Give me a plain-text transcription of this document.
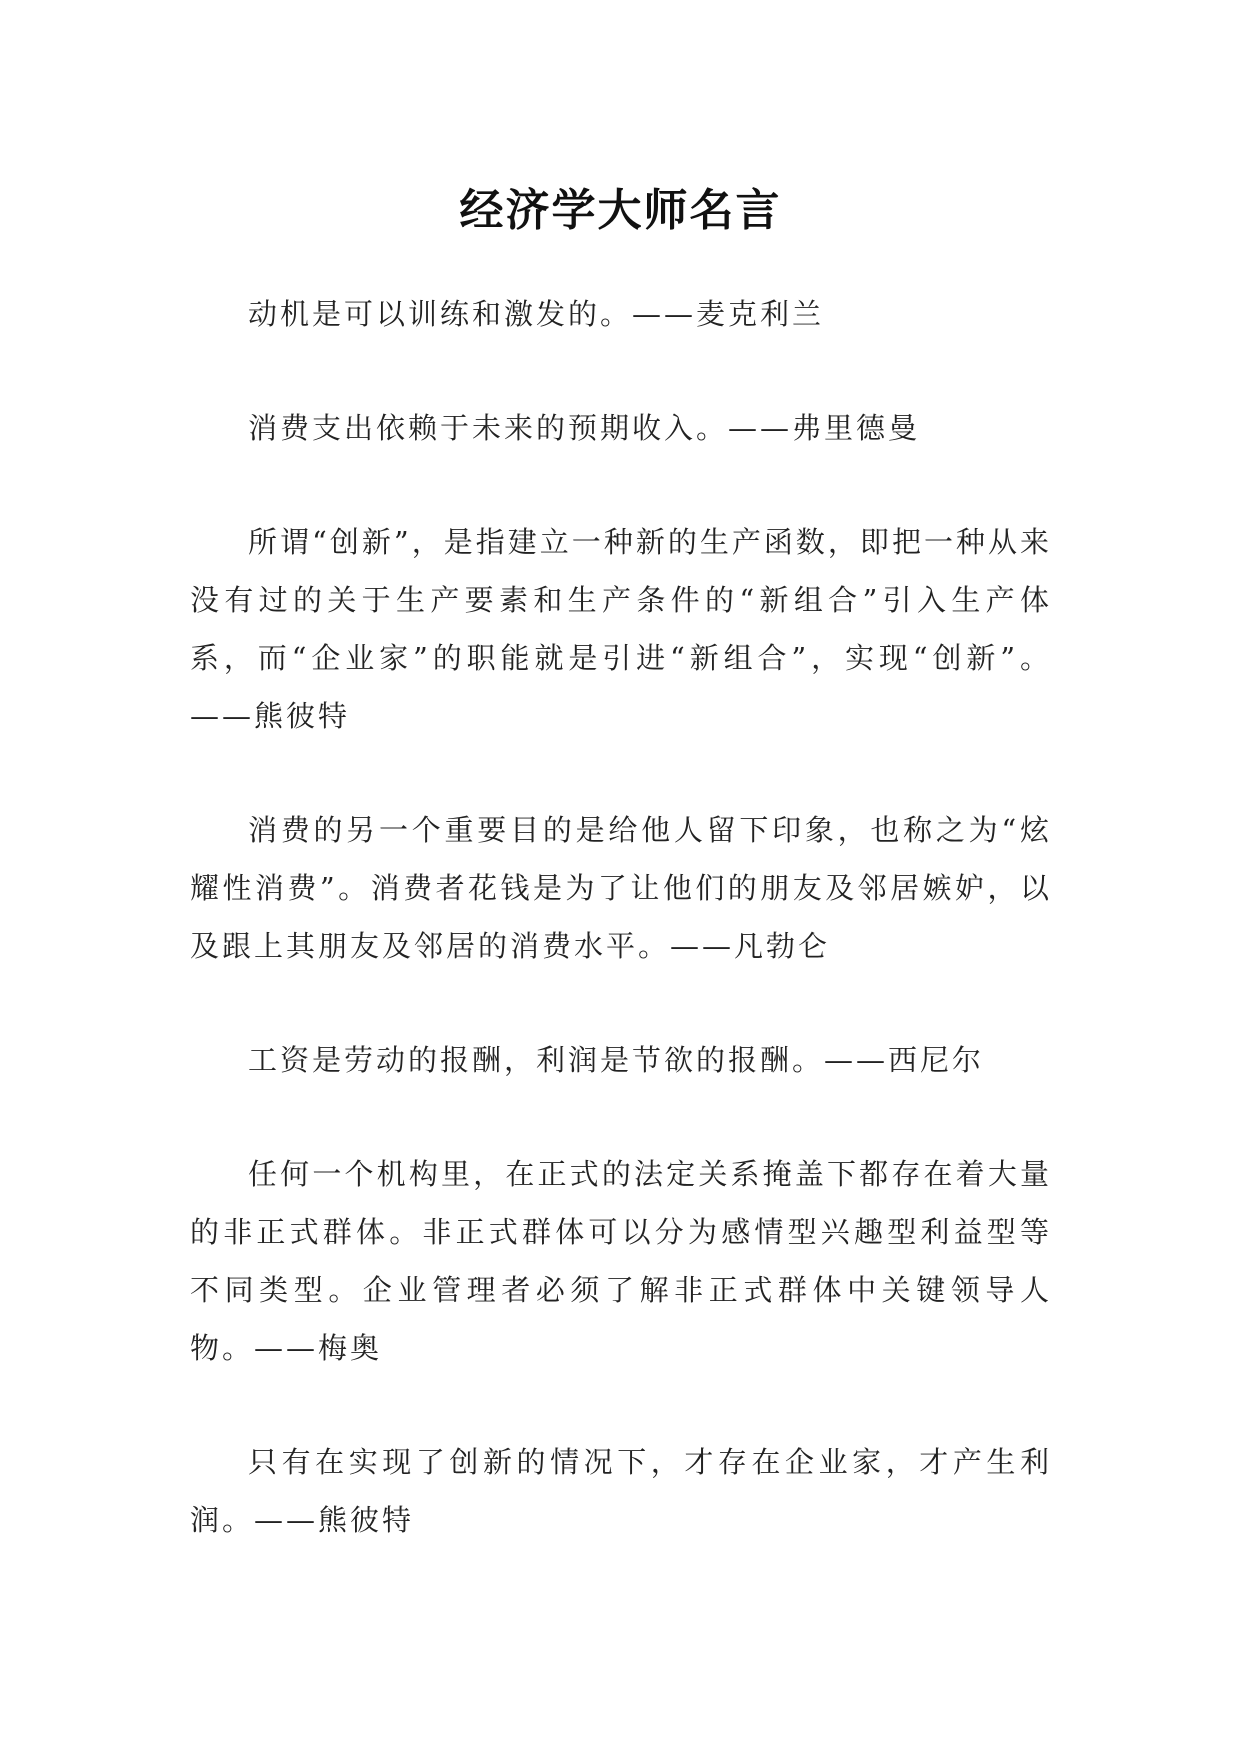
经济学大师名言

动机是可以训练和激发的。——麦克利兰

消费支出依赖于未来的预期收入。——弗里德曼

所谓“创新”，是指建立一种新的生产函数，即把一种从来没有过的关于生产要素和生产条件的“新组合”引入生产体系，而“企业家”的职能就是引进“新组合”，实现“创新”。——熊彼特

消费的另一个重要目的是给他人留下印象，也称之为“炫耀性消费”。消费者花钱是为了让他们的朋友及邻居嫉妒，以及跟上其朋友及邻居的消费水平。——凡勃仑

工资是劳动的报酬，利润是节欲的报酬。——西尼尔

任何一个机构里，在正式的法定关系掩盖下都存在着大量的非正式群体。非正式群体可以分为感情型兴趣型利益型等不同类型。企业管理者必须了解非正式群体中关键领导人物。——梅奥

只有在实现了创新的情况下，才存在企业家，才产生利润。——熊彼特
